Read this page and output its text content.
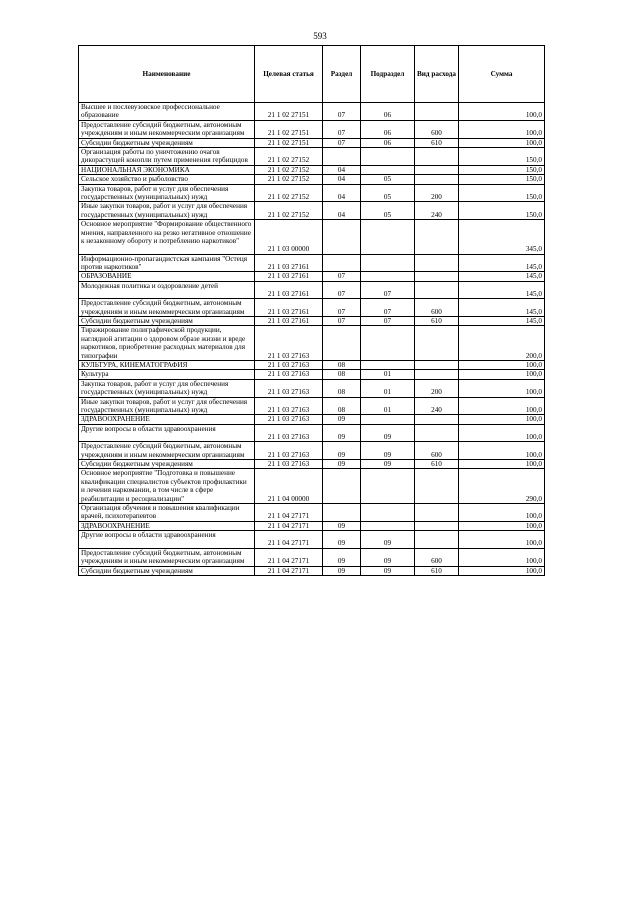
593
Наименование	Целевая статья	Раздел	Подраздел	Вид расхода	Сумма
Высшее и послевузовское профессиональное образование	21 1 02 27151	07	06		100,0
Предоставление субсидий бюджетным, автономным учреждениям и иным некоммерческим организациям	21 1 02 27151	07	06	600	100,0
Субсидии бюджетным учреждениям	21 1 02 27151	07	06	610	100,0
Организация работы по уничтожению очагов дикорастущей конопли путем применения гербицидов	21 1 02 27152				150,0
НАЦИОНАЛЬНАЯ ЭКОНОМИКА	21 1 02 27152	04			150,0
Сельское хозяйство и рыболовство	21 1 02 27152	04	05		150,0
Закупка товаров, работ и услуг для обеспечения государственных (муниципальных) нужд	21 1 02 27152	04	05	200	150,0
Иные закупки товаров, работ и услуг для обеспечения государственных (муниципальных) нужд	21 1 02 27152	04	05	240	150,0
Основное мероприятие "Формирование общественного мнения, направленного на резко негативное отношение к незаконному обороту и потреблению наркотиков"	21 1 03 00000				345,0
Информационно-пропагандистская кампания "Остеця против наркотиков"	21 1 03 27161				145,0
ОБРАЗОВАНИЕ	21 1 03 27161	07			145,0
Молодежная политика и оздоровление детей	21 1 03 27161	07	07		145,0
Предоставление субсидий бюджетным, автономным учреждениям и иным некоммерческим организациям	21 1 03 27161	07	07	600	145,0
Субсидии бюджетным учреждениям	21 1 03 27161	07	07	610	145,0
Тиражирование полиграфической продукции, наглядной агитации о здоровом образе жизни и вреде наркотиков, приобретение расходных материалов для типографии	21 1 03 27163				200,0
КУЛЬТУРА, КИНЕМАТОГРАФИЯ	21 1 03 27163	08			100,0
Культура	21 1 03 27163	08	01		100,0
Закупка товаров, работ и услуг для обеспечения государственных (муниципальных) нужд	21 1 03 27163	08	01	200	100,0
Иные закупки товаров, работ и услуг для обеспечения государственных (муниципальных) нужд	21 1 03 27163	08	01	240	100,0
ЗДРАВООХРАНЕНИЕ	21 1 03 27163	09			100,0
Другие вопросы в области здравоохранения	21 1 03 27163	09	09		100,0
Предоставление субсидий бюджетным, автономным учреждениям и иным некоммерческим организациям	21 1 03 27163	09	09	600	100,0
Субсидии бюджетным учреждениям	21 1 03 27163	09	09	610	100,0
Основное мероприятие "Подготовка и повышение квалификации специалистов субъектов профилактики и лечения наркомании, в том числе в сфере реабилитации и ресоциализации"	21 1 04 00000				290,0
Организация обучения и повышения квалификации врачей, психотерапевтов	21 1 04 27171				100,0
ЗДРАВООХРАНЕНИЕ	21 1 04 27171	09			100,0
Другие вопросы в области здравоохранения	21 1 04 27171	09	09		100,0
Предоставление субсидий бюджетным, автономным учреждениям и иным некоммерческим организациям	21 1 04 27171	09	09	600	100,0
Субсидии бюджетным учреждениям	21 1 04 27171	09	09	610	100,0
